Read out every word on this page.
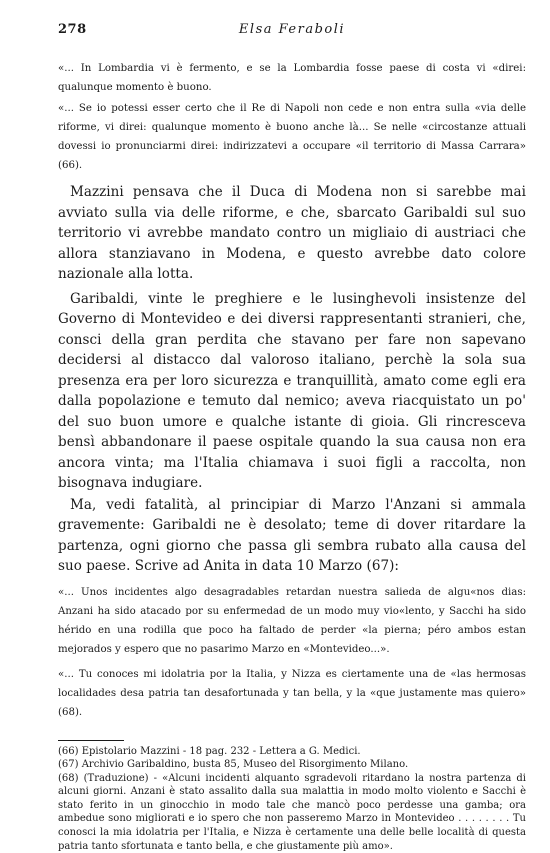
278	Elsa Feraboli

«... In Lombardia vi è fermento, e se la Lombardia fosse paese di costa vi «direi: qualunque momento è buono.

«... Se io potessi esser certo che il Re di Napoli non cede e non entra sulla «via delle riforme, vi direi: qualunque momento è buono anche là... Se nelle «circostanze attuali dovessi io pronunciarmi direi: indirizzatevi a occupare «il territorio di Massa Carrara» (66).

Mazzini pensava che il Duca di Modena non si sarebbe mai avviato sulla via delle riforme, e che, sbarcato Garibaldi sul suo territorio vi avrebbe mandato contro un migliaio di austriaci che allora stanziavano in Modena, e questo avrebbe dato colore nazionale alla lotta.

Garibaldi, vinte le preghiere e le lusinghevoli insistenze del Governo di Montevideo e dei diversi rappresentanti stranieri, che, consci della gran perdita che stavano per fare non sapevano decidersi al distacco dal valoroso italiano, perchè la sola sua presenza era per loro sicurezza e tranquillità, amato come egli era dalla popolazione e temuto dal nemico; aveva riacquistato un po' del suo buon umore e qualche istante di gioia. Gli rincresceva bensì abbandonare il paese ospitale quando la sua causa non era ancora vinta; ma l'Italia chiamava i suoi figli a raccolta, non bisognava indugiare.

Ma, vedi fatalità, al principiar di Marzo l'Anzani si ammala gravemente: Garibaldi ne è desolato; teme di dover ritardare la partenza, ogni giorno che passa gli sembra rubato alla causa del suo paese. Scrive ad Anita in data 10 Marzo (67):

«... Unos incidentes algo desagradables retardan nuestra salieda de algu«nos dias: Anzani ha sido atacado por su enfermedad de un modo muy vio«lento, y Sacchi ha sido hérido en una rodilla que poco ha faltado de perder «la pierna; péro ambos estan mejorados y espero que no pasarimo Marzo en «Montevideo...».

«... Tu conoces mi idolatria por la Italia, y Nizza es ciertamente una de «las hermosas localidades desa patria tan desafortunada y tan bella, y la «que justamente mas quiero» (68).

(66) Epistolario Mazzini - 18 pag. 232 - Lettera a G. Medici.

(67) Archivio Garibaldino, busta 85, Museo del Risorgimento Milano.

(68) (Traduzione) - «Alcuni incidenti alquanto sgradevoli ritardano la nostra partenza di alcuni giorni. Anzani è stato assalito dalla sua malattia in modo molto violento e Sacchi è stato ferito in un ginocchio in modo tale che mancò poco perdesse una gamba; ora ambedue sono migliorati e io spero che non passeremo Marzo in Montevideo . . . . . . . . Tu conosci la mia idolatria per l'Italia, e Nizza è certamente una delle belle località di questa patria tanto sfortunata e tanto bella, e che giustamente più amo».
